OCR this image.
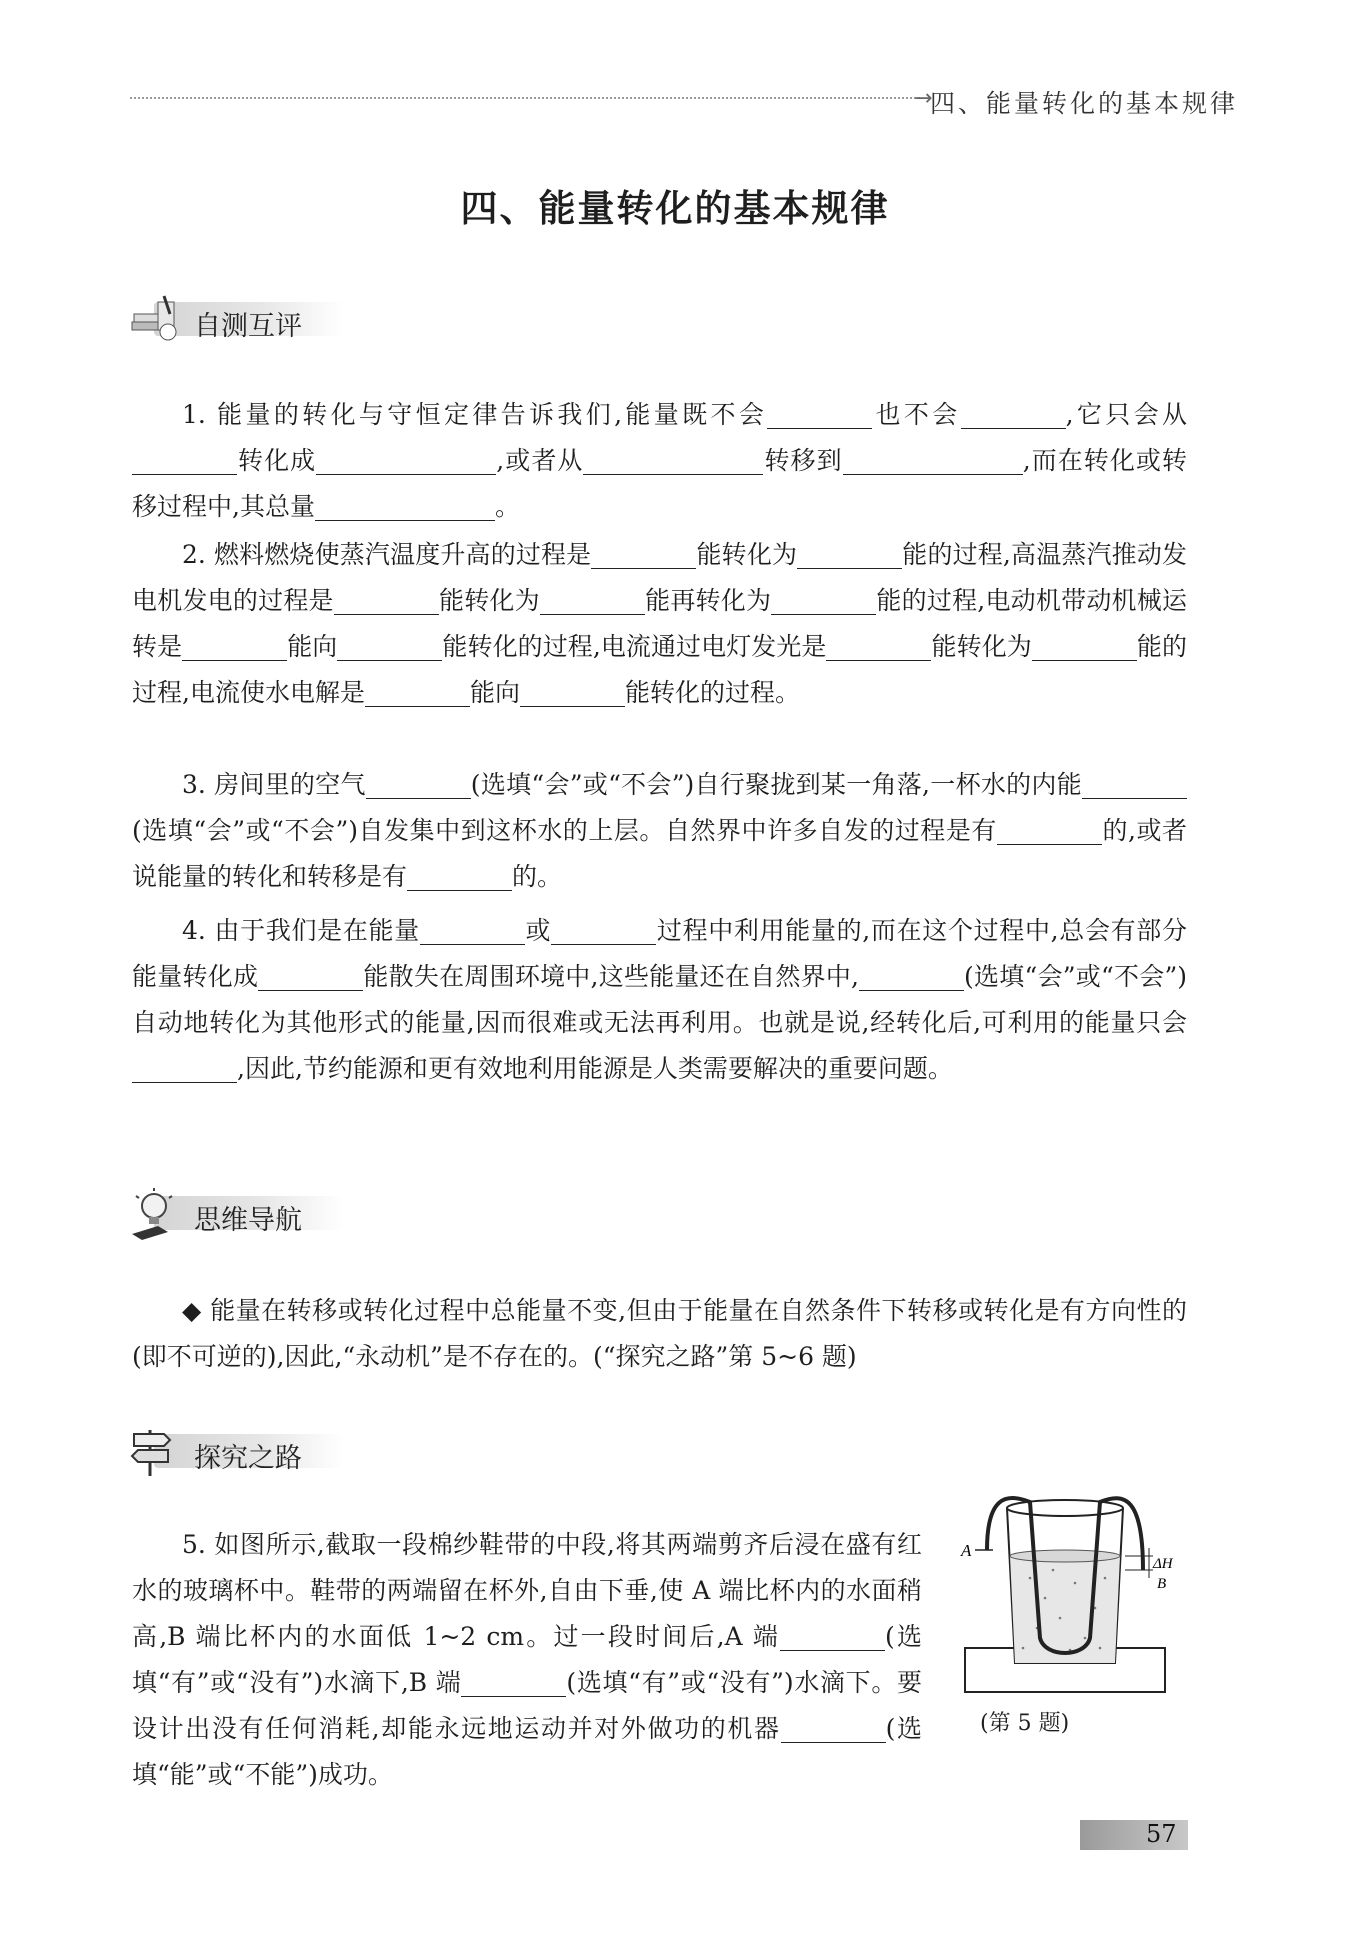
→
四、能量转化的基本规律
四、能量转化的基本规律
自测互评

1. 能量的转化与守恒定律告诉我们,能量既不会	也不会	,它只会从转化成	,或者从	转移到	,而在转化或转移过程中,其总量	。

2. 燃料燃烧使蒸汽温度升高的过程是	能转化为	能的过程,高温蒸汽推动发电机发电的过程是	能转化为	能再转化为	能的过程,电动机带动机械运转是	能向	能转化的过程,电流通过电灯发光是	能转化为	能的过程,电流使水电解是	能向	能转化的过程。

3. 房间里的空气	(选填“会”或“不会”)自行聚拢到某一角落,一杯水的内能(选填“会”或“不会”)自发集中到这杯水的上层。自然界中许多自发的过程是有	的,或者说能量的转化和转移是有	的。

4. 由于我们是在能量	或	过程中利用能量的,而在这个过程中,总会有部分能量转化成	能散失在周围环境中,这些能量还在自然界中,	(选填“会”或“不会”)自动地转化为其他形式的能量,因而很难或无法再利用。也就是说,经转化后,可利用的能量只会,因此,节约能源和更有效地利用能源是人类需要解决的重要问题。

思维导航

◆ 能量在转移或转化过程中总能量不变,但由于能量在自然条件下转移或转化是有方向性的(即不可逆的),因此,“永动机”是不存在的。(“探究之路”第 5~6 题)

探究之路

5. 如图所示,截取一段棉纱鞋带的中段,将其两端剪齐后浸在盛有红水的玻璃杯中。鞋带的两端留在杯外,自由下垂,使 A 端比杯内的水面稍高,B 端比杯内的水面低 1~2 cm。过一段时间后,A 端	(选填“有”或“没有”)水滴下,B 端	(选填“有”或“没有”)水滴下。要设计出没有任何消耗,却能永远地运动并对外做功的机器	(选填“能”或“不能”)成功。

A
ΔH
B
(第 5 题)
57
